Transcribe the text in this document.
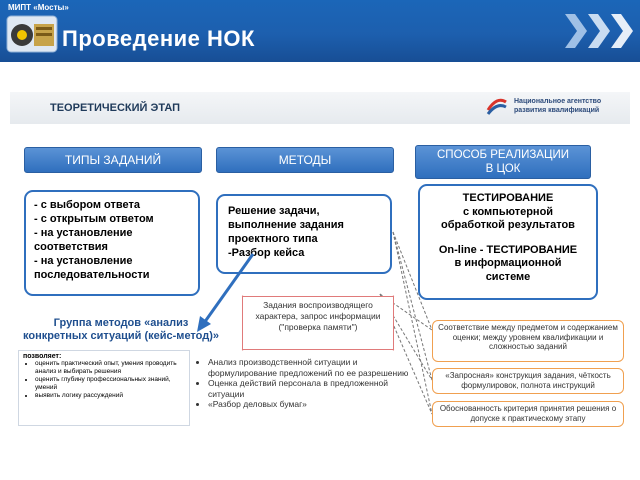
МИПТ «Мосты»
Проведение НОК
ТЕОРЕТИЧЕСКИЙ ЭТАП
Национальное агентство развития квалификаций
ТИПЫ ЗАДАНИЙ	МЕТОДЫ	СПОСОБ РЕАЛИЗАЦИИ
В ЦОК
- с выбором ответа
- с открытым ответом
- на установление соответствия
- на установление последовательности
Решение задачи, выполнение задания проектного типа
-Разбор кейса
ТЕСТИРОВАНИЕ
с компьютерной
обработкой результатов
On-line - ТЕСТИРОВАНИЕ
в информационной
системе
Задания воспроизводящего характера, запрос информации ("проверка памяти")
Группа методов «анализ
конкретных ситуаций (кейс-метод)»
позволяет:
• оценить практический опыт, умения проводить анализ и выбирать решения
• оценить глубину профессиональных знаний, умений
• выявить логику рассуждений
• Анализ производственной ситуации и формулирование предложений по ее разрешению
• Оценка действий персонала в предложенной ситуации
• «Разбор деловых бумаг»
Соответствие между предметом и содержанием оценки; между уровнем квалификации и сложностью заданий
«Запросная» конструкция задания, чёткость формулировок, полнота инструкций
Обоснованность критерия принятия решения о допуске к практическому этапу
